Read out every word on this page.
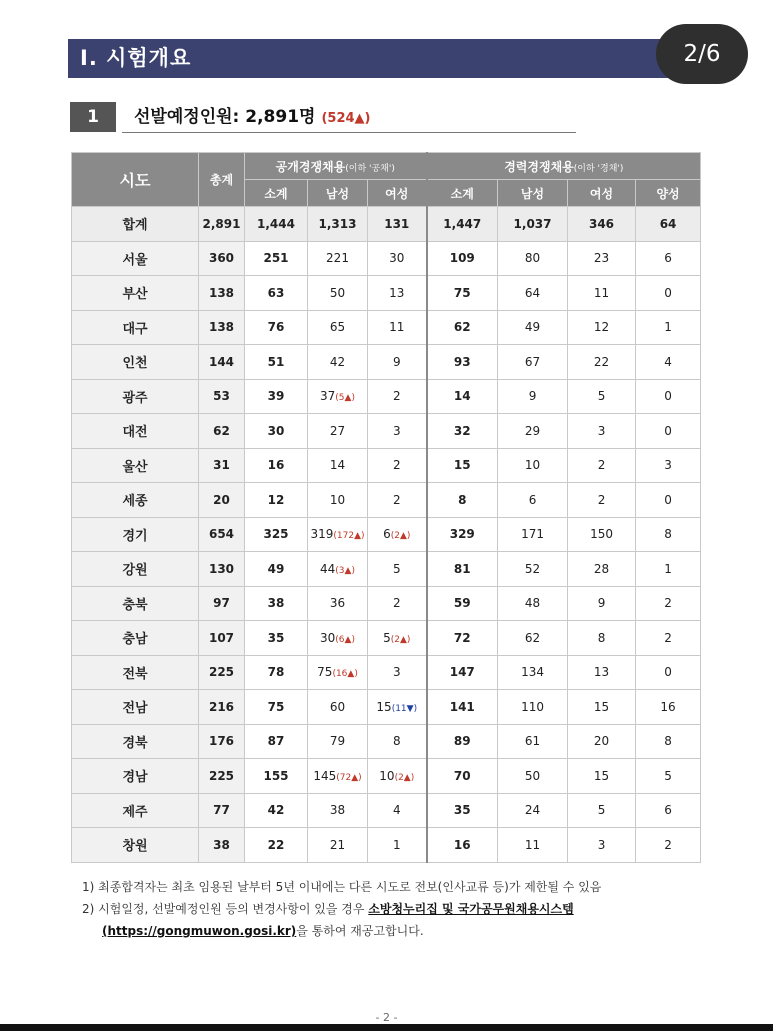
Ⅰ. 시험개요	2/6
1	선발예정인원: 2,891명 (524▲)
시도	총계	공개경쟁채용(이하 '공채')			경력경쟁채용(이하 '경채')			
		소계	남성	여성	소계	남성	여성	양성
합계	2,891	1,444	1,313	131	1,447	1,037	346	64
서울	360	251	221	30	109	80	23	6
부산	138	63	50	13	75	64	11	0
대구	138	76	65	11	62	49	12	1
인천	144	51	42	9	93	67	22	4
광주	53	39	37(5▲)	2	14	9	5	0
대전	62	30	27	3	32	29	3	0
울산	31	16	14	2	15	10	2	3
세종	20	12	10	2	8	6	2	0
경기	654	325	319(172▲)	6(2▲)	329	171	150	8
강원	130	49	44(3▲)	5	81	52	28	1
충북	97	38	36	2	59	48	9	2
충남	107	35	30(6▲)	5(2▲)	72	62	8	2
전북	225	78	75(16▲)	3	147	134	13	0
전남	216	75	60	15(11▼)	141	110	15	16
경북	176	87	79	8	89	61	20	8
경남	225	155	145(72▲)	10(2▲)	70	50	15	5
제주	77	42	38	4	35	24	5	6
창원	38	22	21	1	16	11	3	2
1) 최종합격자는 최초 임용된 날부터 5년 이내에는 다른 시도로 전보(인사교류 등)가 제한될 수 있음
2) 시험일정, 선발예정인원 등의 변경사항이 있을 경우 소방청누리집 및 국가공무원채용시스템
(https://gongmuwon.gosi.kr)을 통하여 재공고합니다.
- 2 -
